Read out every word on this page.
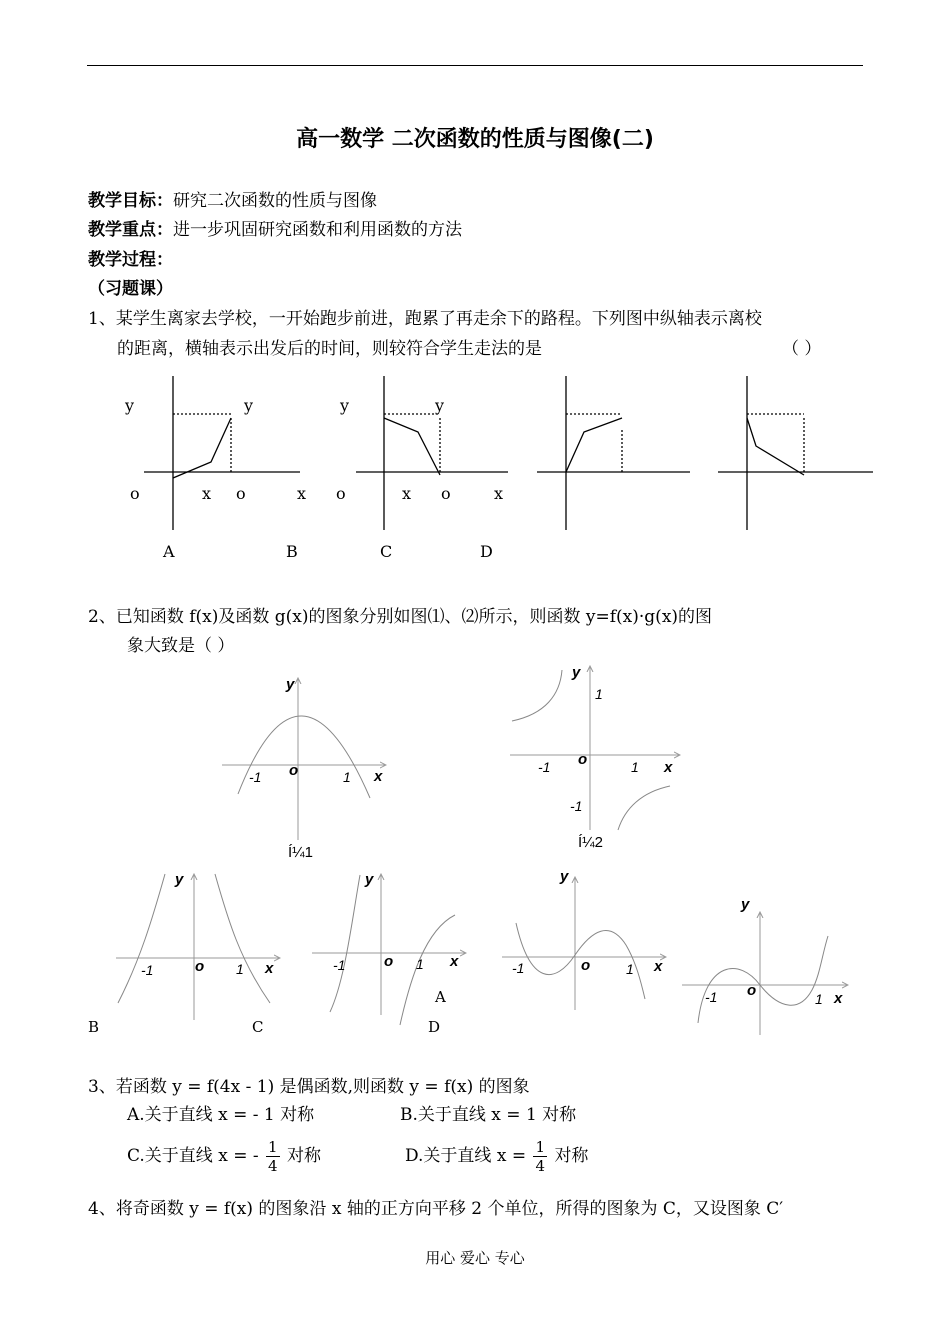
高一数学 二次函数的性质与图像(二)
教学目标：研究二次函数的性质与图像
教学重点：进一步巩固研究函数和利用函数的方法
教学过程：
（习题课）
1、某学生离家去学校，一开始跑步前进，跑累了再走余下的路程。下列图中纵轴表示离校
的距离，横轴表示出发后的时间，则较符合学生走法的是	（ ）
y	y	y	y
o	x o	x o	x o	x
A	B	C	D
2、已知函数 f(x)及函数 g(x)的图象分别如图⑴、⑵所示，则函数 y=f(x)·g(x)的图
象大致是（ ）
y
-1 o	1 x
Í¼1
y
1
-1 o	1 x
-1
Í¼2
y
-1	o 1 x
y
-1	o 1 x
y
-1	o	1 x
y
-1 o	1 x
A
B	C	D
3、若函数 y = f(4x - 1) 是偶函数,则函数 y = f(x) 的图象
A.关于直线 x = - 1 对称	B.关于直线 x = 1 对称
C.关于直线 x = - $\frac{1}{4}$ 对称	D.关于直线 $x = \frac{1}{4}$ 对称
4、将奇函数 y = f(x) 的图象沿 x 轴的正方向平移 2 个单位，所得的图象为 C，又设图象 C′
用心 爱心 专心
